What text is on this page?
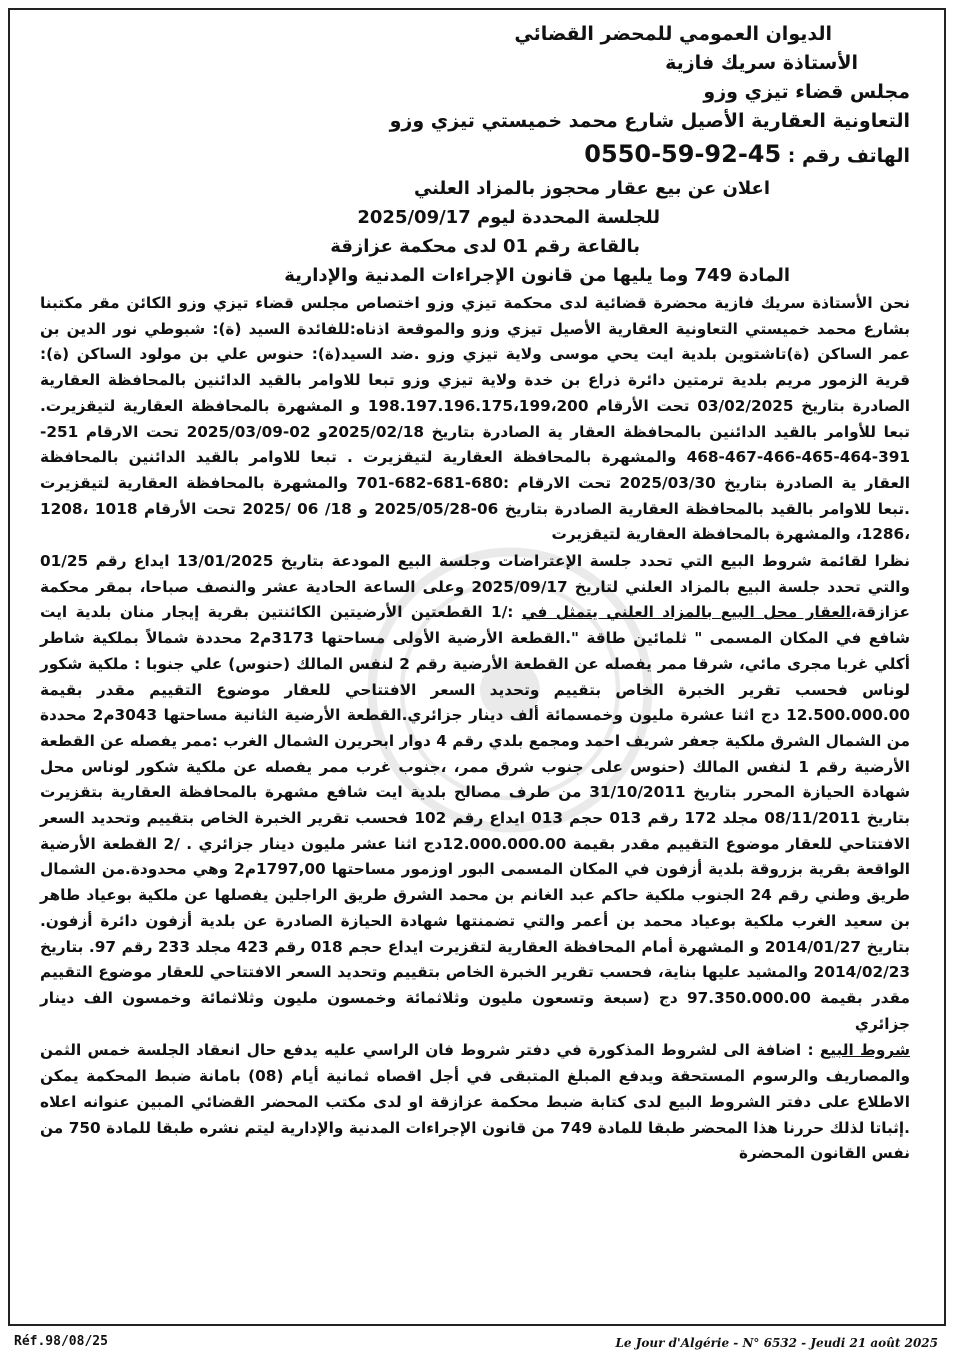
الديوان العمومي للمحضر القضائي
الأستاذة سريك فازية
مجلس قضاء تيزي وزو
التعاونية العقارية الأصيل شارع محمد خميستي تيزي وزو
الهاتف رقم : 0550-59-92-45
اعلان عن بيع عقار محجوز بالمزاد العلني
للجلسة المحددة ليوم 2025/09/17
بالقاعة رقم 01 لدى محكمة عزازقة
المادة 749 وما يليها من قانون الإجراءات المدنية والإدارية
نحن الأستاذة سريك فازية محضرة قضائية لدى محكمة تيزي وزو اختصاص مجلس قضاء تيزي وزو الكائن مقر مكتبنا بشارع محمد خميستي التعاونية العقارية الأصيل تيزي وزو والموقعة اذناه:للفائدة السيد (ة): شبوطي نور الدين بن عمر الساكن (ة)تاشتوين بلدية ايت يحي موسى ولاية تيزي وزو .ضد السيد(ة): حنوس علي بن مولود الساكن (ة): قرية الزمور مريم بلدية ترمتين دائرة ذراع بن خدة ولاية تيزي وزو تبعا للاوامر بالقيد الدائنين بالمحافظة العقارية الصادرة بتاريخ 03/02/2025 تحت الأرقام 198.197.196.175،199،200 و المشهرة بالمحافظة العقارية لتيقزيرت. تبعا للأوامر بالقيد الدائنين بالمحافظة العقار ية الصادرة بتاريخ 2025/02/18و 02-2025/03/09 تحت الارقام 251-391-464-465-466-467-468 والمشهرة بالمحافظة العقارية لتيقزيرت . تبعا للاوامر بالقيد الدائنين بالمحافظة العقار ية الصادرة بتاريخ 2025/03/30 تحت الارقام :680-681-682-701 والمشهرة بالمحافظة العقارية لتيقزيرت .تبعا للاوامر بالقيد بالمحافظة العقارية الصادرة بتاريخ 06-2025/05/28 و 18/ 06 /2025 تحت الأرقام 1018 ،1208 ،1286، والمشهرة بالمحافظة العقارية لتيقزيرت
نظرا لقائمة شروط البيع التي تحدد جلسة الإعتراضات وجلسة البيع المودعة بتاريخ 13/01/2025 ايداع رقم 01/25 والتي تحدد جلسة البيع بالمزاد العلني لتاريخ 2025/09/17 وعلى الساعة الحادية عشر والنصف صباحا، بمقر محكمة عزازقة،العقار محل البيع بالمزاد العلني يتمثل في :/1 القطعتين الأرضيتين الكائنتين بقرية إيجار منان بلدية ايت شافع في المكان المسمى " ثلمائين طاقة ".القطعة الأرضية الأولى مساحتها 3173م2 محددة شمالاً بملكية شاطر أكلي غربا مجرى مائي، شرقا ممر يفصله عن القطعة الأرضية رقم 2 لنفس المالك (حنوس) علي جنوبا : ملكية شكور لوناس فحسب تقرير الخبرة الخاص بتقييم وتحديد السعر الافتتاحي للعقار موضوع التقييم مقدر بقيمة 12.500.000.00 دج اثنا عشرة مليون وخمسمائة ألف دينار جزائري.القطعة الأرضية الثانية مساحتها 3043م2 محددة من الشمال الشرق ملكية جعفر شريف احمد ومجمع بلدي رقم 4 دوار ابحريرن الشمال الغرب :ممر يفصله عن القطعة الأرضية رقم 1 لنفس المالك (حنوس على جنوب شرق ممر، ،جنوب غرب ممر يفصله عن ملكية شكور لوناس محل شهادة الحيازة المحرر بتاريخ 31/10/2011 من طرف مصالح بلدية ايت شافع مشهرة بالمحافظة العقارية بتقزيرت بتاريخ 08/11/2011 مجلد 172 رقم 013 حجم 013 ايداع رقم 102 فحسب تقرير الخبرة الخاص بتقييم وتحديد السعر الافتتاحي للعقار موضوع التقييم مقدر بقيمة 12.000.000.00دج اثنا عشر مليون دينار جزائري . /2 القطعة الأرضية الواقعة بقرية بزروقة بلدية أزفون في المكان المسمى البور اوزمور مساحتها 1797,00م2 وهي محدودة.من الشمال طريق وطني رقم 24 الجنوب ملكية حاكم عبد الغانم بن محمد الشرق طريق الراجلين يفصلها عن ملكية بوعياد طاهر بن سعيد الغرب ملكية بوعياد محمد بن أعمر والتي تضمنتها شهادة الحيازة الصادرة عن بلدية أزفون دائرة أزفون. بتاريخ 2014/01/27 و المشهرة أمام المحافظة العقارية لتقزيرت ايداع حجم 018 رقم 423 مجلد 233 رقم 97. بتاريخ 2014/02/23 والمشيد عليها بناية، فحسب تقرير الخبرة الخاص بتقييم وتحديد السعر الافتتاحي للعقار موضوع التقييم مقدر بقيمة 97.350.000.00 دج (سبعة وتسعون مليون وثلاثمائة وخمسون مليون وثلاثمائة وخمسون الف دينار جزائري
شروط البيع : اضافة الى لشروط المذكورة في دفتر شروط فان الراسي عليه يدفع حال انعقاد الجلسة خمس الثمن والمصاريف والرسوم المستحقة ويدفع المبلغ المتبقى في أجل اقصاه ثمانية أيام (08) بامانة ضبط المحكمة يمكن الاطلاع على دفتر الشروط البيع لدى كتابة ضبط محكمة عزازقة او لدى مكتب المحضر القضائي المبين عنوانه اعلاه .إثباتا لذلك حررنا هذا المحضر طبقا للمادة 749 من قانون الإجراءات المدنية والإدارية ليتم نشره طبقا للمادة 750 من نفس القانون المحضرة
Réf.98/08/25	Le Jour d'Algérie - N° 6532 - Jeudi 21 août 2025
